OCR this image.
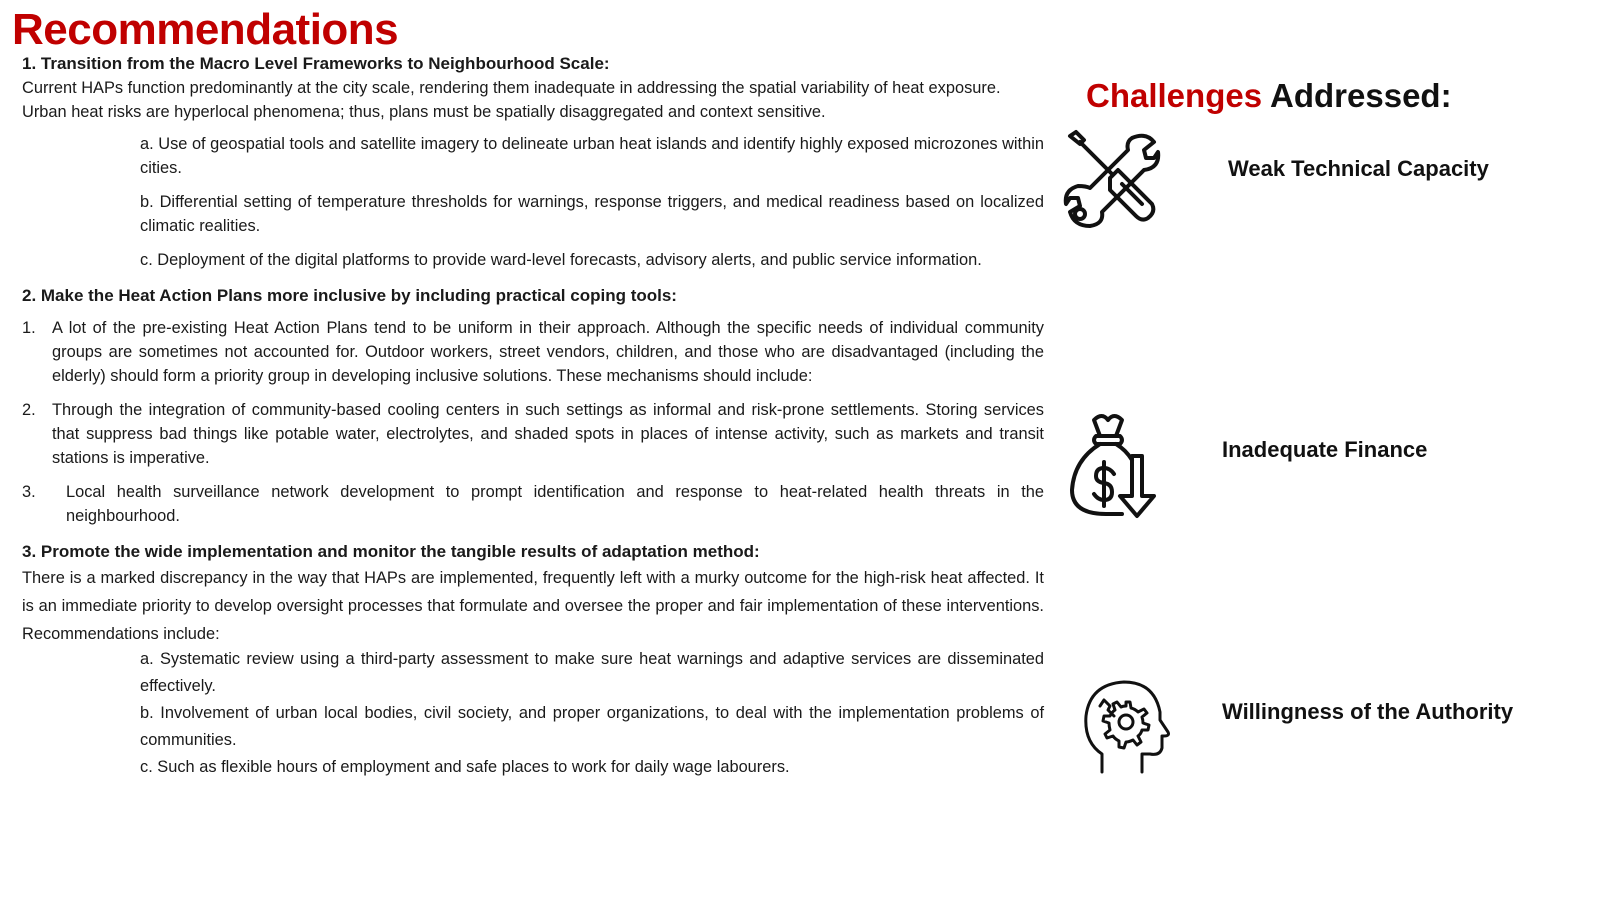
Recommendations

1. Transition from the Macro Level Frameworks to Neighbourhood Scale:

Current HAPs function predominantly at the city scale, rendering them inadequate in addressing the spatial variability of heat exposure. Urban heat risks are hyperlocal phenomena; thus, plans must be spatially disaggregated and context sensitive.

a. Use of geospatial tools and satellite imagery to delineate urban heat islands and identify highly exposed microzones within cities.

b. Differential setting of temperature thresholds for warnings, response triggers, and medical readiness based on localized climatic realities.

c. Deployment of the digital platforms to provide ward-level forecasts, advisory alerts, and public service information.

2. Make the Heat Action Plans more inclusive by including practical coping tools:

1. A lot of the pre-existing Heat Action Plans tend to be uniform in their approach. Although the specific needs of individual community groups are sometimes not accounted for. Outdoor workers, street vendors, children, and those who are disadvantaged (including the elderly) should form a priority group in developing inclusive solutions. These mechanisms should include:
2. Through the integration of community-based cooling centers in such settings as informal and risk-prone settlements. Storing services that suppress bad things like potable water, electrolytes, and shaded spots in places of intense activity, such as markets and transit stations is imperative.
3.	Local health surveillance network development to prompt identification and response to heat-related health threats in the neighbourhood.

3. Promote the wide implementation and monitor the tangible results of adaptation method:

There is a marked discrepancy in the way that HAPs are implemented, frequently left with a murky outcome for the high-risk heat affected. It is an immediate priority to develop oversight processes that formulate and oversee the proper and fair implementation of these interventions. Recommendations include:

a. Systematic review using a third-party assessment to make sure heat warnings and adaptive services are disseminated effectively.

b. Involvement of urban local bodies, civil society, and proper organizations, to deal with the implementation problems of communities.

c. Such as flexible hours of employment and safe places to work for daily wage labourers.

Challenges Addressed:
Weak Technical Capacity
Inadequate Finance
Willingness of the Authority
